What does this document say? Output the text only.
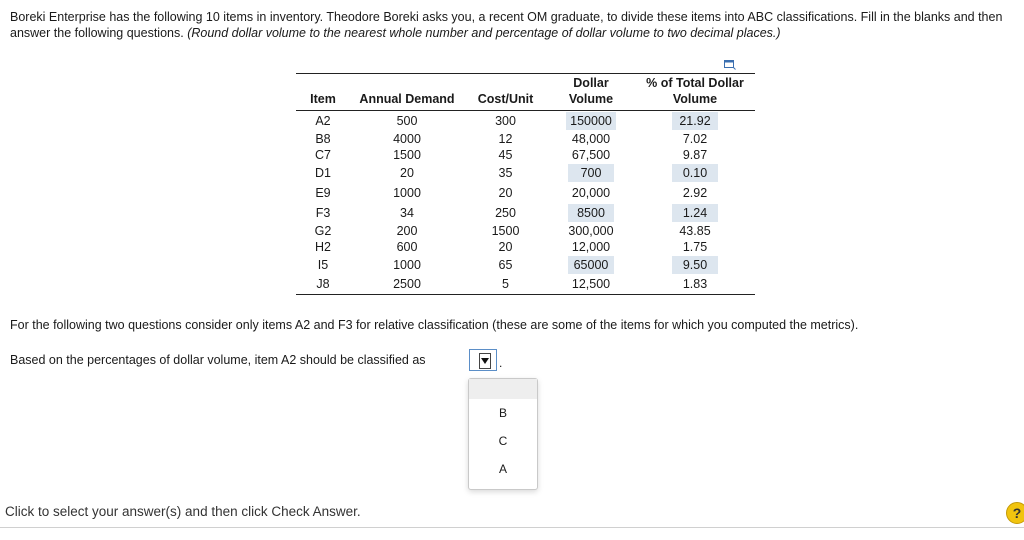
Boreki Enterprise has the following 10 items in inventory. Theodore Boreki asks you, a recent OM graduate, to divide these items into ABC classifications. Fill in the blanks and then answer the following questions. (Round dollar volume to the nearest whole number and percentage of dollar volume to two decimal places.)
			Dollar	% of Total Dollar
Item	Annual Demand	Cost/Unit	Volume	Volume
A2	500	300	150000	21.92
B8	4000	12	48,000	7.02
C7	1500	45	67,500	9.87
D1	20	35	700	0.10
E9	1000	20	20,000	2.92
F3	34	250	8500	1.24
G2	200	1500	300,000	43.85
H2	600	20	12,000	1.75
I5	1000	65	65000	9.50
J8	2500	5	12,500	1.83
For the following two questions consider only items A2 and F3 for relative classification (these are some of the items for which you computed the metrics).
Based on the percentages of dollar volume, item A2 should be classified as	.
B
C
A
Click to select your answer(s) and then click Check Answer.	?
